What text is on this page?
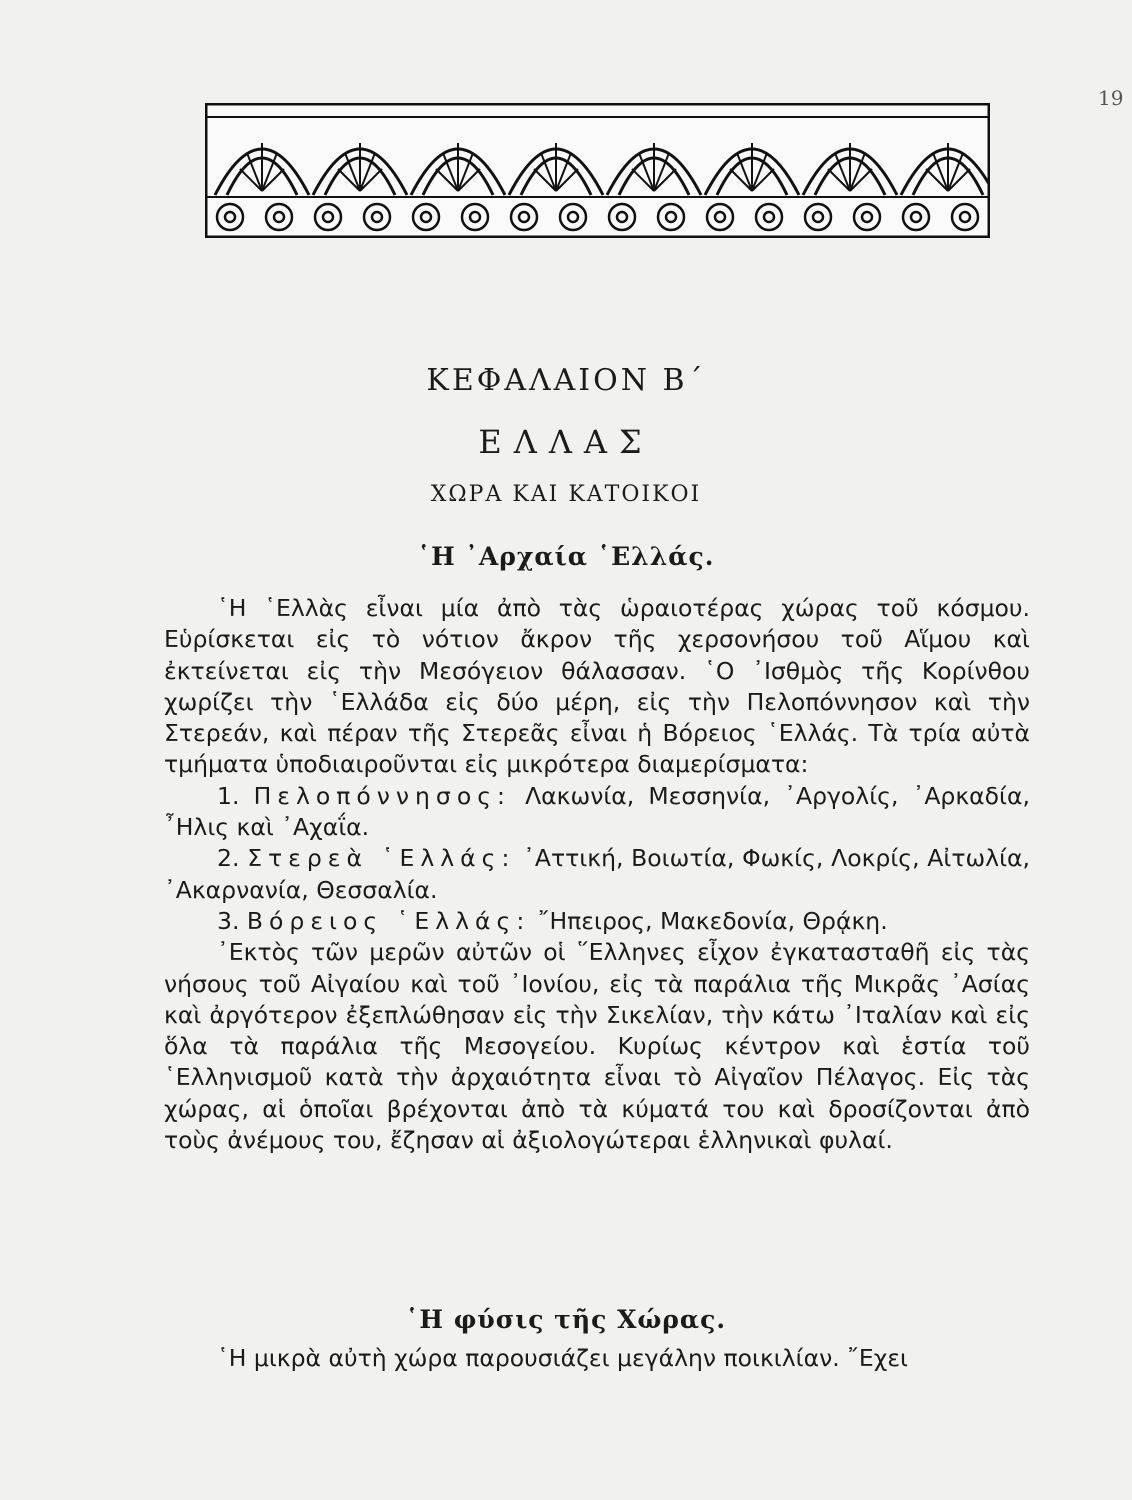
19
ΚΕΦΑΛΑΙΟΝ Β΄
ΕΛΛΑΣ
ΧΩΡΑ ΚΑΙ ΚΑΤΟΙΚΟΙ
῾Η ᾿Αρχαία ῾Ελλάς.

῾Η ῾Ελλὰς εἶναι μία ἀπὸ τὰς ὡραιοτέρας χώρας τοῦ κόσμου. Εὑρίσκεται εἰς τὸ νότιον ἄκρον τῆς χερσονήσου τοῦ Αἵμου καὶ ἐκτείνεται εἰς τὴν Μεσόγειον θάλασσαν. ῾Ο ᾿Ισθμὸς τῆς Κορίνθου χωρίζει τὴν ῾Ελλάδα εἰς δύο μέρη, εἰς τὴν Πελοπόννησον καὶ τὴν Στερεάν, καὶ πέραν τῆς Στερεᾶς εἶναι ἡ Βόρειος ῾Ελλάς. Τὰ τρία αὐτὰ τμήματα ὑποδιαιροῦνται εἰς μικρότερα διαμερίσματα:

1. Πελοπόννησος: Λακωνία, Μεσσηνία, ᾿Αργολίς, ᾿Αρκαδία, ῏Ηλις καὶ ᾿Αχαΐα.

2. Στερεὰ ῾Ελλάς: ᾿Αττική, Βοιωτία, Φωκίς, Λοκρίς, Αἰτωλία, ᾿Ακαρνανία, Θεσσαλία.

3. Βόρειος ῾Ελλάς: ῎Ηπειρος, Μακεδονία, Θρᾴκη.

᾿Εκτὸς τῶν μερῶν αὐτῶν οἱ ῞Ελληνες εἶχον ἐγκατασταθῆ εἰς τὰς νήσους τοῦ Αἰγαίου καὶ τοῦ ᾿Ιονίου, εἰς τὰ παράλια τῆς Μικρᾶς ᾿Ασίας καὶ ἀργότερον ἐξεπλώθησαν εἰς τὴν Σικελίαν, τὴν κάτω ᾿Ιταλίαν καὶ εἰς ὅλα τὰ παράλια τῆς Μεσογείου. Κυρίως κέντρον καὶ ἑστία τοῦ ῾Ελληνισμοῦ κατὰ τὴν ἀρχαιότητα εἶναι τὸ Αἰγαῖον Πέλαγος. Εἰς τὰς χώρας, αἱ ὁποῖαι βρέχονται ἀπὸ τὰ κύματά του καὶ δροσίζονται ἀπὸ τοὺς ἀνέμους του, ἔζησαν αἱ ἀξιολογώτεραι ἑλληνικαὶ φυλαί.

῾Η φύσις τῆς Χώρας.

῾Η μικρὰ αὐτὴ χώρα παρουσιάζει μεγάλην ποικιλίαν. ῎Εχει
